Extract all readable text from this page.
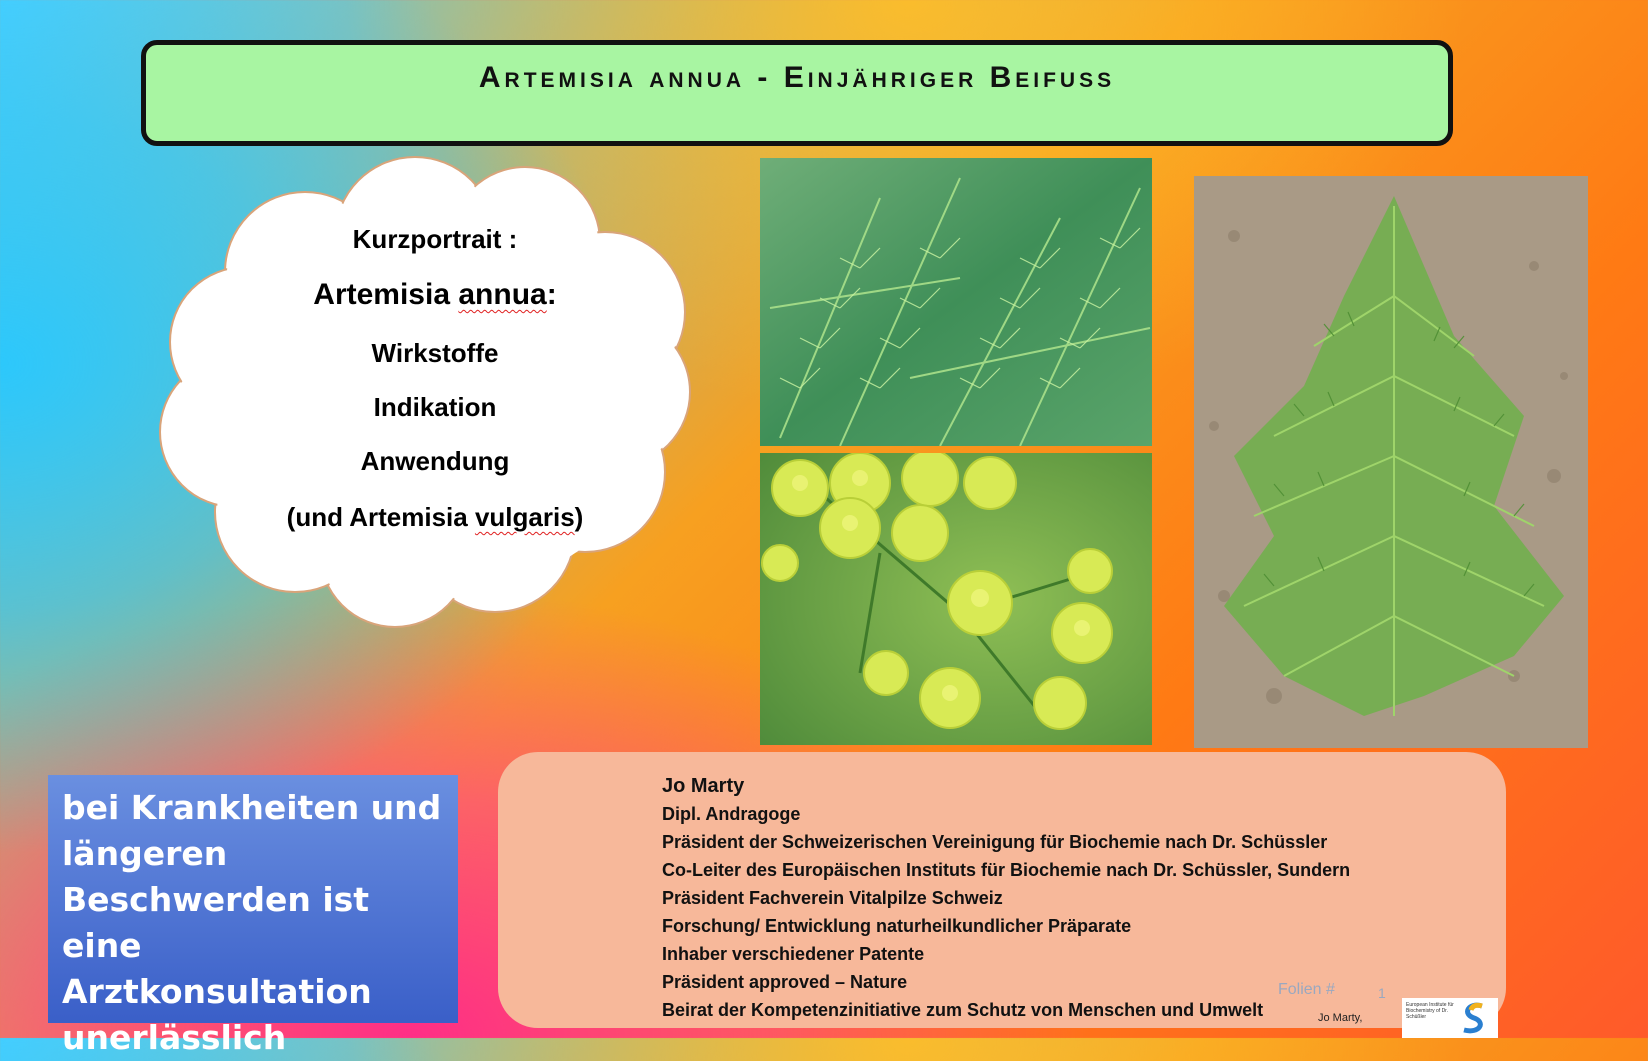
Artemisia annua - Einjähriger Beifuss
Kurzportrait :
Artemisia annua:
Wirkstoffe
Indikation
Anwendung
(und Artemisia vulgaris)
bei Krankheiten und
längeren
Beschwerden ist eine
Arztkonsultation
unerlässlich
Jo Marty
Dipl. Andragoge
Präsident der Schweizerischen Vereinigung für Biochemie nach Dr. Schüssler
Co-Leiter des Europäischen Instituts für Biochemie nach Dr. Schüssler, Sundern
Präsident Fachverein Vitalpilze Schweiz
Forschung/ Entwicklung naturheilkundlicher Präparate
Inhaber verschiedener Patente
Präsident approved – Nature
Beirat der Kompetenzinitiative zum Schutz von Menschen und Umwelt
Folien #	1
Jo Marty,
European Institute für Biochemistry of Dr. Schüßler
